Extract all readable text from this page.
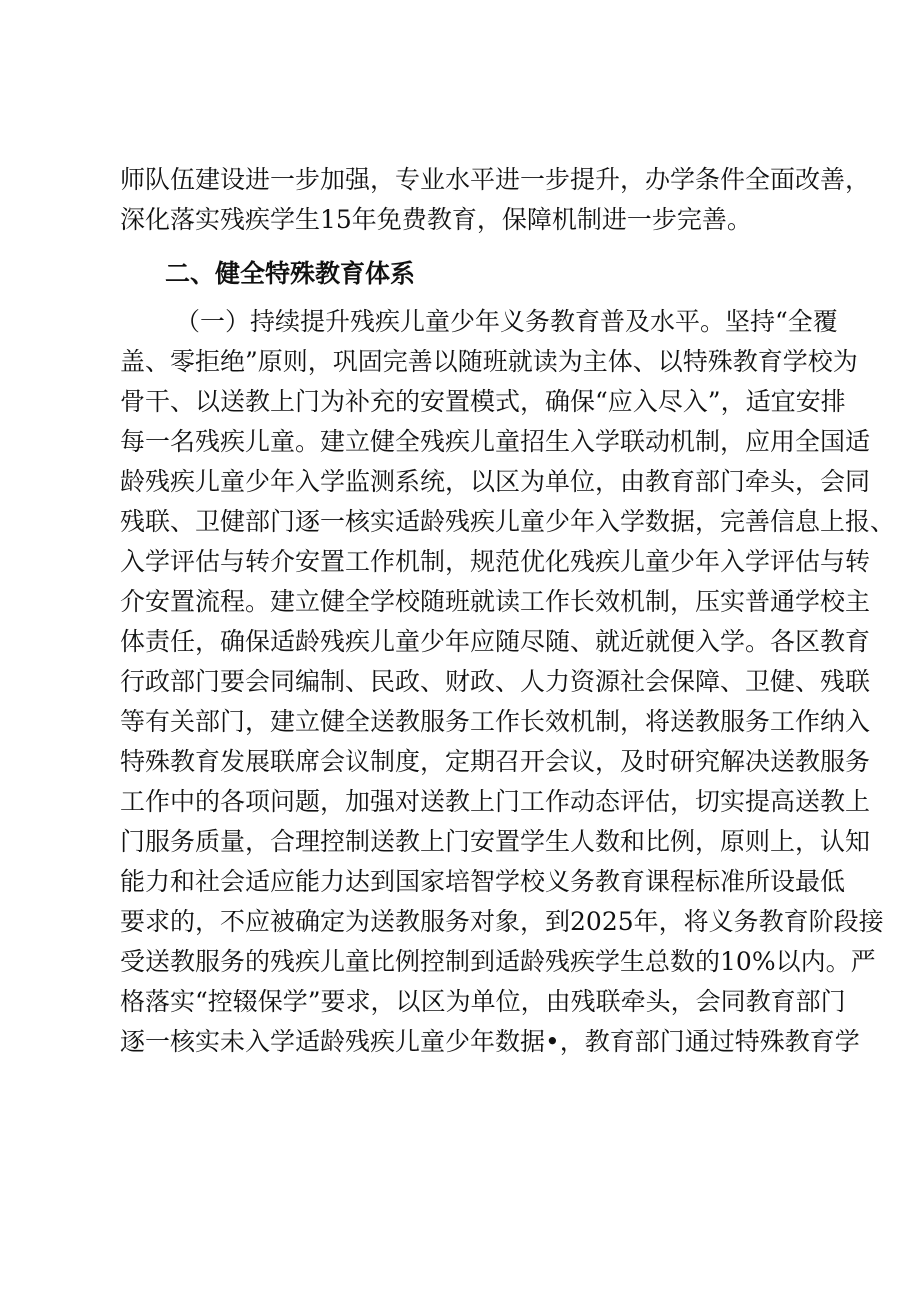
师队伍建设进一步加强，专业水平进一步提升，办学条件全面改善，
深化落实残疾学生15年免费教育，保障机制进一步完善。
二、健全特殊教育体系
（一）持续提升残疾儿童少年义务教育普及水平。坚持“全覆
盖、零拒绝”原则，巩固完善以随班就读为主体、以特殊教育学校为
骨干、以送教上门为补充的安置模式，确保“应入尽入”，适宜安排
每一名残疾儿童。建立健全残疾儿童招生入学联动机制，应用全国适
龄残疾儿童少年入学监测系统，以区为单位，由教育部门牵头，会同
残联、卫健部门逐一核实适龄残疾儿童少年入学数据，完善信息上报、
入学评估与转介安置工作机制，规范优化残疾儿童少年入学评估与转
介安置流程。建立健全学校随班就读工作长效机制，压实普通学校主
体责任，确保适龄残疾儿童少年应随尽随、就近就便入学。各区教育
行政部门要会同编制、民政、财政、人力资源社会保障、卫健、残联
等有关部门，建立健全送教服务工作长效机制，将送教服务工作纳入
特殊教育发展联席会议制度，定期召开会议，及时研究解决送教服务
工作中的各项问题，加强对送教上门工作动态评估，切实提高送教上
门服务质量，合理控制送教上门安置学生人数和比例，原则上，认知
能力和社会适应能力达到国家培智学校义务教育课程标准所设最低
要求的，不应被确定为送教服务对象，到2025年，将义务教育阶段接
受送教服务的残疾儿童比例控制到适龄残疾学生总数的10%以内。严
格落实“控辍保学”要求，以区为单位，由残联牵头，会同教育部门
逐一核实未入学适龄残疾儿童少年数据•，教育部门通过特殊教育学
